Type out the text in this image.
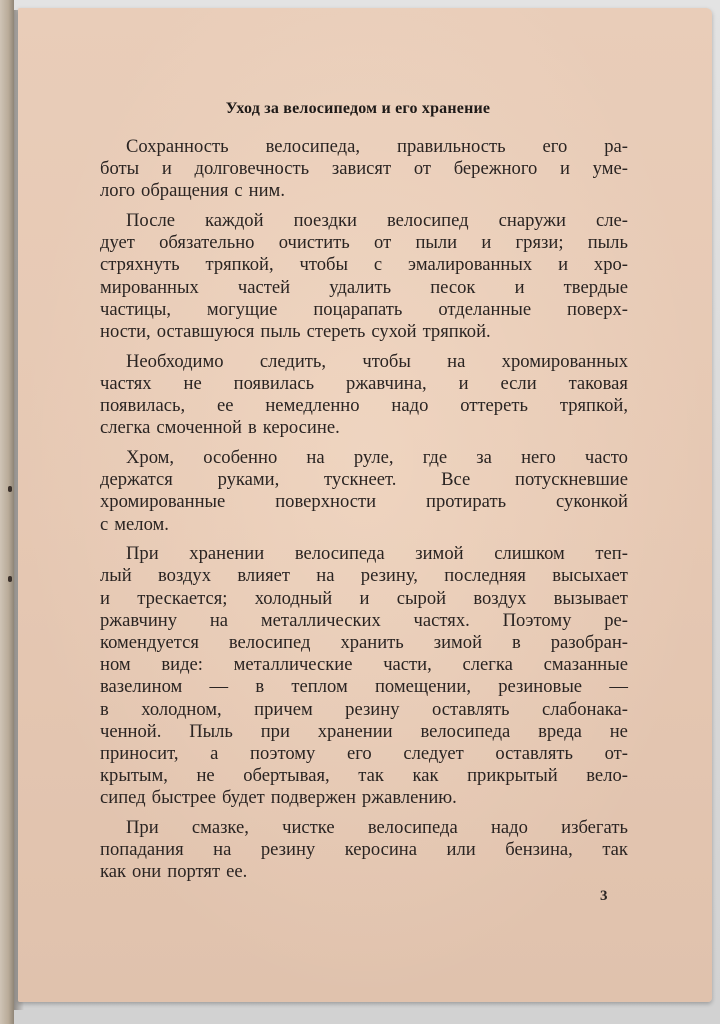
Уход за велосипедом и его хранение
Сохранность велосипеда, правильность его ра-
боты и долговечность зависят от бережного и уме-
лого обращения с ним.
После каждой поездки велосипед снаружи сле-
дует обязательно очистить от пыли и грязи; пыль
стряхнуть тряпкой, чтобы с эмалированных и хро-
мированных частей удалить песок и твердые
частицы, могущие поцарапать отделанные поверх-
ности, оставшуюся пыль стереть сухой тряпкой.
Необходимо следить, чтобы на хромированных
частях не появилась ржавчина, и если таковая
появилась, ее немедленно надо оттереть тряпкой,
слегка смоченной в керосине.
Хром, особенно на руле, где за него часто
держатся руками, тускнеет. Все потускневшие
хромированные	поверхности	протирать	суконкой
с мелом.
При хранении велосипеда зимой слишком теп-
лый воздух влияет на резину, последняя высыхает
и трескается; холодный и сырой воздух вызывает
ржавчину на металлических частях. Поэтому ре-
комендуется велосипед хранить зимой в разобран-
ном виде: металлические части, слегка смазанные
вазелином — в теплом помещении, резиновые —
в холодном, причем резину оставлять слабонака-
ченной. Пыль при хранении велосипеда вреда не
приносит, а поэтому его следует оставлять от-
крытым, не обертывая, так как прикрытый вело-
сипед быстрее будет подвержен ржавлению.
При смазке, чистке велосипеда надо избегать
попадания на резину керосина или бензина, так
как они портят ее.
3
